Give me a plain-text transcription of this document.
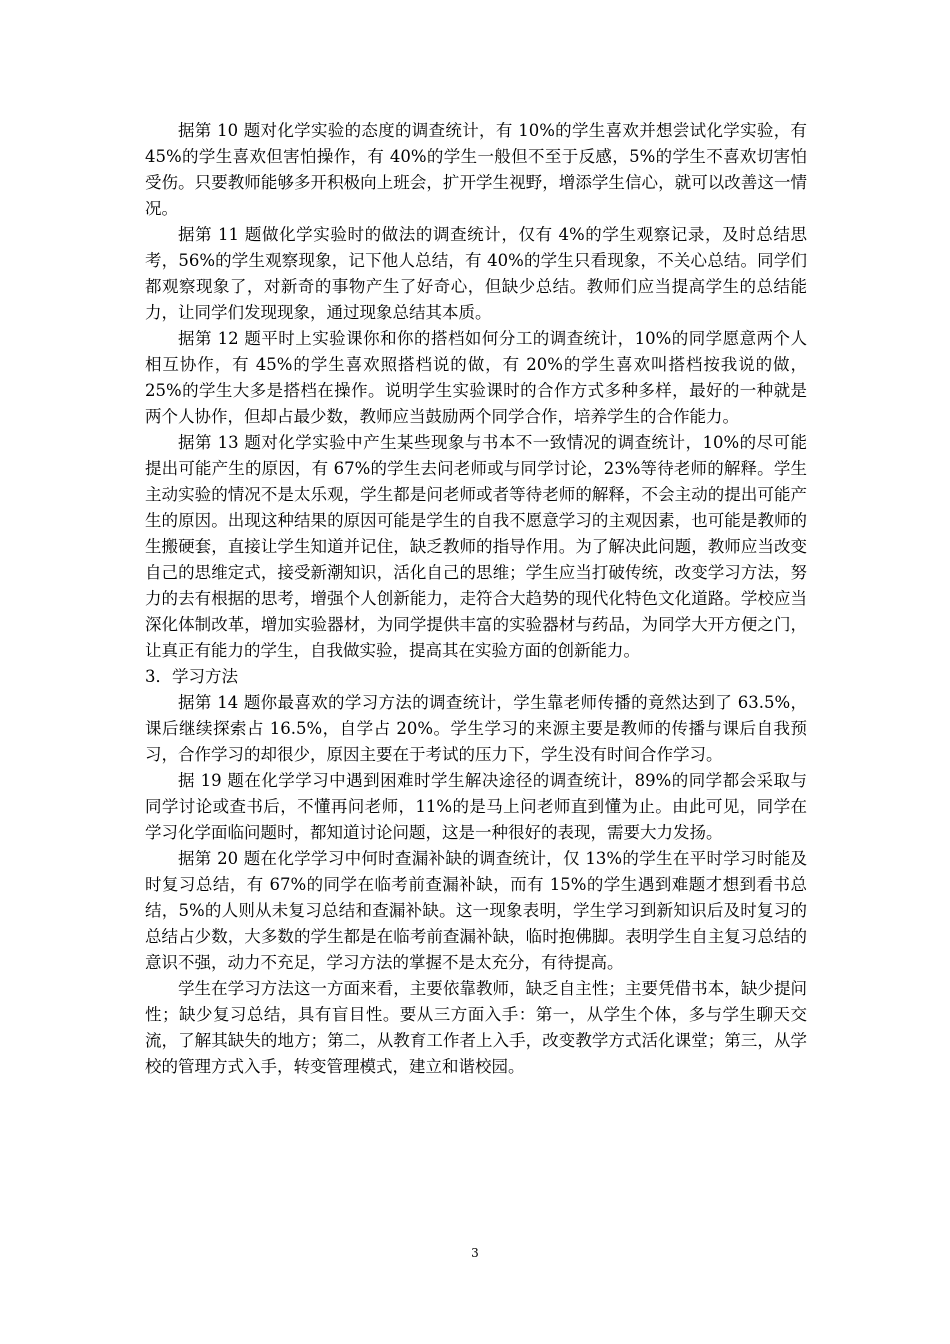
据第 10 题对化学实验的态度的调查统计，有 10%的学生喜欢并想尝试化学实验，有 45%的学生喜欢但害怕操作，有 40%的学生一般但不至于反感，5%的学生不喜欢切害怕受伤。只要教师能够多开积极向上班会，扩开学生视野，增添学生信心，就可以改善这一情况。

据第 11 题做化学实验时的做法的调查统计，仅有 4%的学生观察记录，及时总结思考，56%的学生观察现象，记下他人总结，有 40%的学生只看现象，不关心总结。同学们都观察现象了，对新奇的事物产生了好奇心，但缺少总结。教师们应当提高学生的总结能力，让同学们发现现象，通过现象总结其本质。

据第 12 题平时上实验课你和你的搭档如何分工的调查统计，10%的同学愿意两个人相互协作，有 45%的学生喜欢照搭档说的做，有 20%的学生喜欢叫搭档按我说的做，25%的学生大多是搭档在操作。说明学生实验课时的合作方式多种多样，最好的一种就是两个人协作，但却占最少数，教师应当鼓励两个同学合作，培养学生的合作能力。

据第 13 题对化学实验中产生某些现象与书本不一致情况的调查统计，10%的尽可能提出可能产生的原因，有 67%的学生去问老师或与同学讨论，23%等待老师的解释。学生主动实验的情况不是太乐观，学生都是问老师或者等待老师的解释，不会主动的提出可能产生的原因。出现这种结果的原因可能是学生的自我不愿意学习的主观因素，也可能是教师的生搬硬套，直接让学生知道并记住，缺乏教师的指导作用。为了解决此问题，教师应当改变自己的思维定式，接受新潮知识，活化自己的思维；学生应当打破传统，改变学习方法，努力的去有根据的思考，增强个人创新能力，走符合大趋势的现代化特色文化道路。学校应当深化体制改革，增加实验器材，为同学提供丰富的实验器材与药品，为同学大开方便之门，让真正有能力的学生，自我做实验，提高其在实验方面的创新能力。

3．学习方法

据第 14 题你最喜欢的学习方法的调查统计，学生靠老师传播的竟然达到了 63.5%，课后继续探索占 16.5%，自学占 20%。学生学习的来源主要是教师的传播与课后自我预习，合作学习的却很少，原因主要在于考试的压力下，学生没有时间合作学习。

据 19 题在化学学习中遇到困难时学生解决途径的调查统计，89%的同学都会采取与同学讨论或查书后，不懂再问老师，11%的是马上问老师直到懂为止。由此可见，同学在学习化学面临问题时，都知道讨论问题，这是一种很好的表现，需要大力发扬。

据第 20 题在化学学习中何时查漏补缺的调查统计，仅 13%的学生在平时学习时能及时复习总结，有 67%的同学在临考前查漏补缺，而有 15%的学生遇到难题才想到看书总结，5%的人则从未复习总结和查漏补缺。这一现象表明，学生学习到新知识后及时复习的总结占少数，大多数的学生都是在临考前查漏补缺，临时抱佛脚。表明学生自主复习总结的意识不强，动力不充足，学习方法的掌握不是太充分，有待提高。

学生在学习方法这一方面来看，主要依靠教师，缺乏自主性；主要凭借书本，缺少提问性；缺少复习总结，具有盲目性。要从三方面入手：第一，从学生个体，多与学生聊天交流，了解其缺失的地方；第二，从教育工作者上入手，改变教学方式活化课堂；第三，从学校的管理方式入手，转变管理模式，建立和谐校园。

3
